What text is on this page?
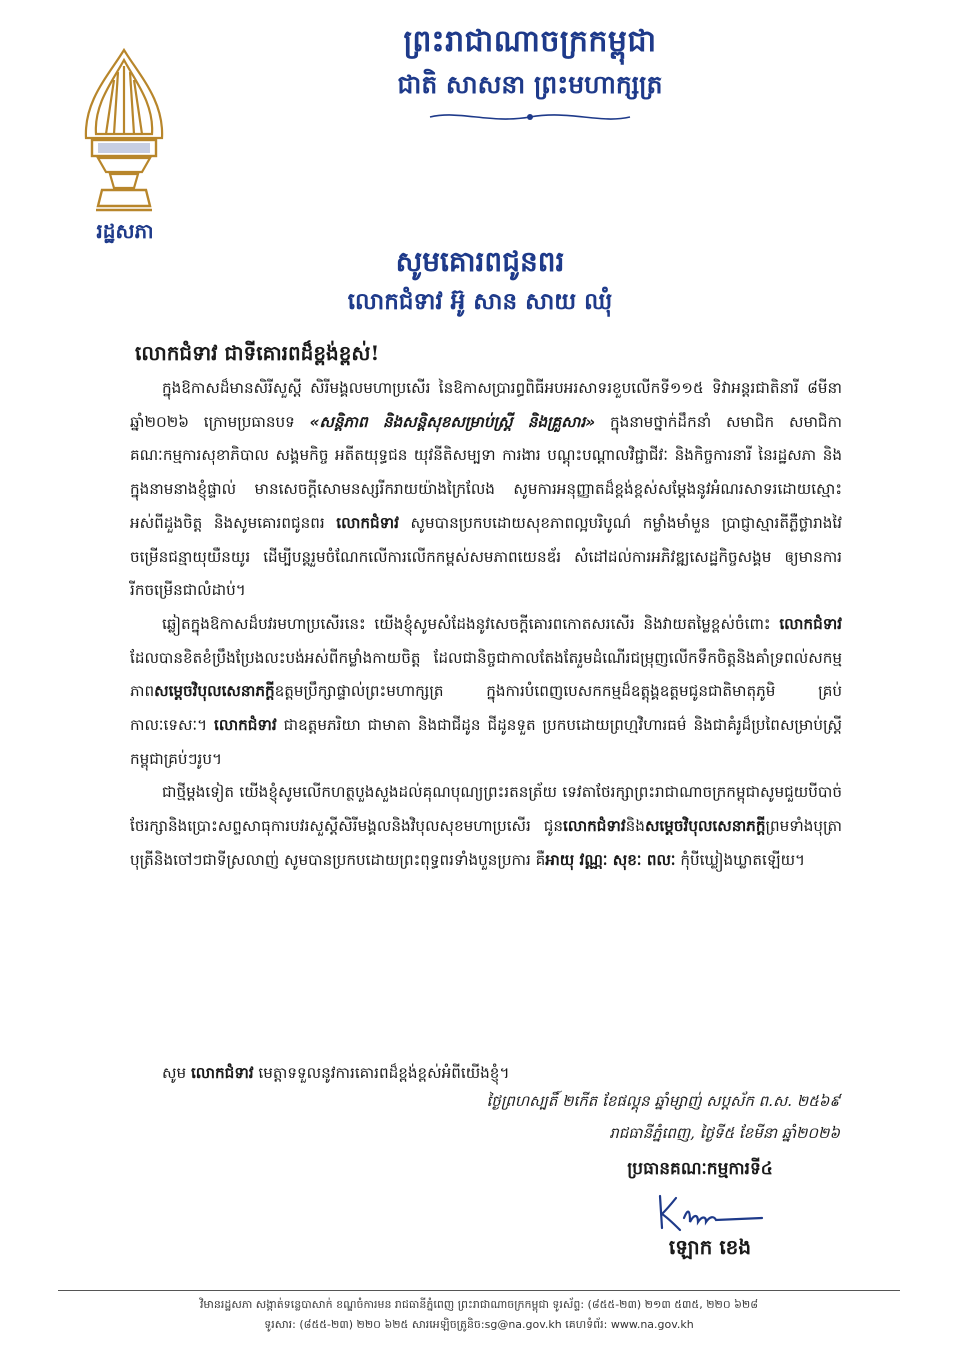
រដ្ឋសភា
ព្រះរាជាណាចក្រកម្ពុជា
ជាតិ សាសនា ព្រះមហាក្សត្រ
សូមគោរពជូនពរ
លោកជំទាវ អ៊ូ សាន សាយ ឈុំ
លោកជំទាវ ជាទីគោរពដ៏ខ្ពង់ខ្ពស់!

ក្នុងឱកាសដ៏មានសិរីសួស្តី សិរីមង្គលមហាប្រសើរ នៃឱកាសប្រារព្ធពិធីអបអរសាទរខួបលើកទី១១៥ ទិវាអន្តរជាតិនារី ៨មីនា ឆ្នាំ២០២៦ ក្រោមប្រធានបទ «សន្តិភាព និងសន្តិសុខសម្រាប់ស្ត្រី និងគ្រួសារ» ក្នុងនាមថ្នាក់ដឹកនាំ សមាជិក សមាជិកា គណៈកម្មការសុខាភិបាល សង្គមកិច្ច អតីតយុទ្ធជន យុវនីតិសម្បទា ការងារ បណ្តុះបណ្តាលវិជ្ជាជីវៈ និងកិច្ចការនារី នៃរដ្ឋសភា និងក្នុងនាមនាងខ្ញុំផ្ទាល់ មានសេចក្តីសោមនស្សរីករាយយ៉ាងក្រៃលែង សូមការអនុញ្ញាតដ៏ខ្ពង់ខ្ពស់សម្តែងនូវអំណរសាទរដោយស្មោះអស់ពីដួងចិត្ត និងសូមគោរពជូនពរ លោកជំទាវ សូមបានប្រកបដោយសុខភាពល្អបរិបូណ៌ កម្លាំងមាំមួន ប្រាជ្ញាស្មារតីភ្លឺថ្លារាងវៃ ចម្រើនជន្មាយុយឺនយូរ ដើម្បីបន្តរួមចំណែកលើការលើកកម្ពស់សមភាពយេនឌ័រ សំដៅដល់ការអភិវឌ្ឍសេដ្ឋកិច្ចសង្គម ឲ្យមានការរីកចម្រើនជាលំដាប់។

ឆ្លៀតក្នុងឱកាសដ៏បវរមហាប្រសើរនេះ យើងខ្ញុំសូមសំដែងនូវសេចក្តីគោរពកោតសរសើរ និងវាយតម្លៃខ្ពស់ចំពោះ លោកជំទាវ ដែលបានខិតខំប្រឹងប្រែងលះបង់អស់ពីកម្លាំងកាយចិត្ត ដែលជានិច្ចជាកាលតែងតែរួមដំណើរជម្រុញលើកទឹកចិត្តនិងគាំទ្រពល់សកម្មភាពសម្តេចវិបុលសេនាភក្តីឧត្តមប្រឹក្សាផ្ទាល់ព្រះមហាក្សត្រ ក្នុងការបំពេញបេសកកម្មដ៏ឧត្តុង្គឧត្តមជូនជាតិមាតុភូមិ គ្រប់កាលៈទេសៈ។ លោកជំទាវ ជាឧត្តមភរិយា ជាមាតា និងជាជីដូន ជីដូនទួត ប្រកបដោយព្រហ្មវិហារធម៌ និងជាគំរូដ៏ប្រពៃសម្រាប់ស្ត្រីកម្ពុជាគ្រប់ៗរូប។

ជាថ្មីម្តងទៀត យើងខ្ញុំសូមលើកហត្ថបួងសួងដល់គុណបុណ្យព្រះរតនត្រ័យ ទេវតាថែរក្សាព្រះរាជាណាចក្រកម្ពុជាសូមជួយបីបាច់ថែរក្សានិងប្រោះសព្ទសាធុការបវរសួស្តីសិរីមង្គលនិងវិបុលសុខមហាប្រសើរ ជូនលោកជំទាវនិងសម្តេចវិបុលសេនាភក្តីព្រមទាំងបុត្រាបុត្រីនិងចៅៗជាទីស្រលាញ់ សូមបានប្រកបដោយព្រះពុទ្ធពរទាំងបួនប្រការ គឺអាយុ វណ្ណៈ សុខៈ ពលៈ កុំបីឃ្លៀងឃ្លាតឡើយ។

សូម លោកជំទាវ មេត្តាទទួលនូវការគោរពដ៏ខ្ពង់ខ្ពស់អំពីយើងខ្ញុំ។
ថ្ងៃព្រហស្បតិ៍ ២កើត ខែផល្គុន ឆ្នាំម្សាញ់ សប្តស័ក ព.ស. ២៥៦៩
រាជធានីភ្នំពេញ, ថ្ងៃទី៥ ខែមីនា ឆ្នាំ២០២៦
ប្រធានគណៈកម្មការទី៤
ឡោក ខេង
វិមានរដ្ឋសភា សង្កាត់ទន្លេបាសាក់ ខណ្ឌចំការមន រាជធានីភ្នំពេញ ព្រះរាជាណាចក្រកម្ពុជា ទូរស័ព្ទ: (៨៥៥-២៣) ២១៣ ៥៣៥, ២២០ ៦២៨
ទូរសារ: (៨៥៥-២៣) ២២០ ៦២៥ សារអេឡិចត្រូនិច:sg@na.gov.kh គេហទំព័រ: www.na.gov.kh
